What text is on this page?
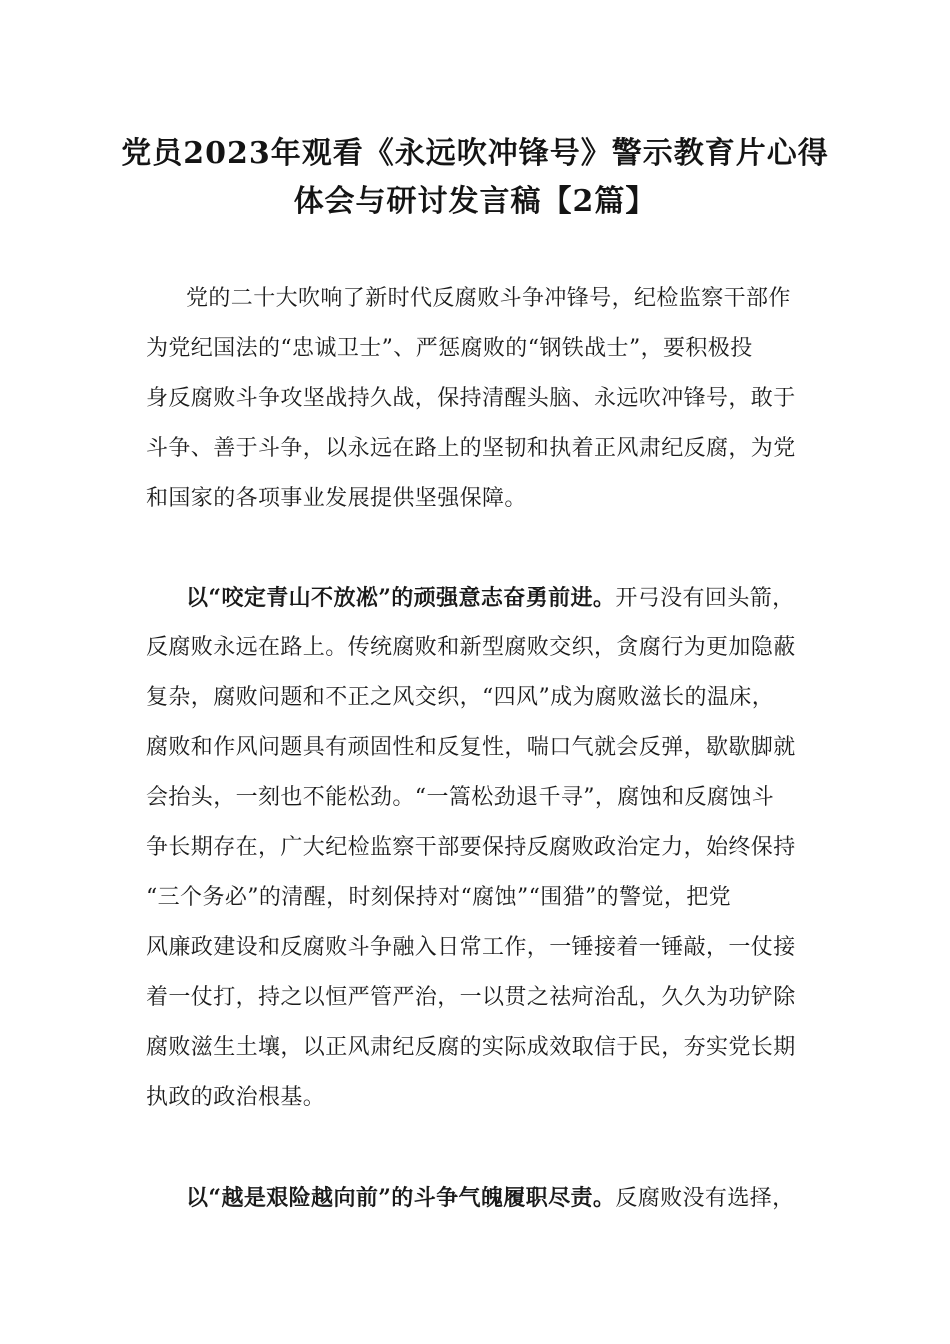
党员2023年观看《永远吹冲锋号》警示教育片心得
体会与研讨发言稿【2篇】
党的二十大吹响了新时代反腐败斗争冲锋号，纪检监察干部作
为党纪国法的“忠诚卫士”、严惩腐败的“钢铁战士”，要积极投
身反腐败斗争攻坚战持久战，保持清醒头脑、永远吹冲锋号，敢于
斗争、善于斗争，以永远在路上的坚韧和执着正风肃纪反腐，为党
和国家的各项事业发展提供坚强保障。
以“咬定青山不放凇”的顽强意志奋勇前进。开弓没有回头箭，
反腐败永远在路上。传统腐败和新型腐败交织，贪腐行为更加隐蔽
复杂，腐败问题和不正之风交织，“四风”成为腐败滋长的温床，
腐败和作风问题具有顽固性和反复性，喘口气就会反弹，歇歇脚就
会抬头，一刻也不能松劲。“一篙松劲退千寻”，腐蚀和反腐蚀斗
争长期存在，广大纪检监察干部要保持反腐败政治定力，始终保持
“三个务必”的清醒，时刻保持对“腐蚀”“围猎”的警觉，把党
风廉政建设和反腐败斗争融入日常工作，一锤接着一锤敲，一仗接
着一仗打，持之以恒严管严治，一以贯之祛疴治乱，久久为功铲除
腐败滋生土壤，以正风肃纪反腐的实际成效取信于民，夯实党长期
执政的政治根基。
以“越是艰险越向前”的斗争气魄履职尽责。反腐败没有选择，
